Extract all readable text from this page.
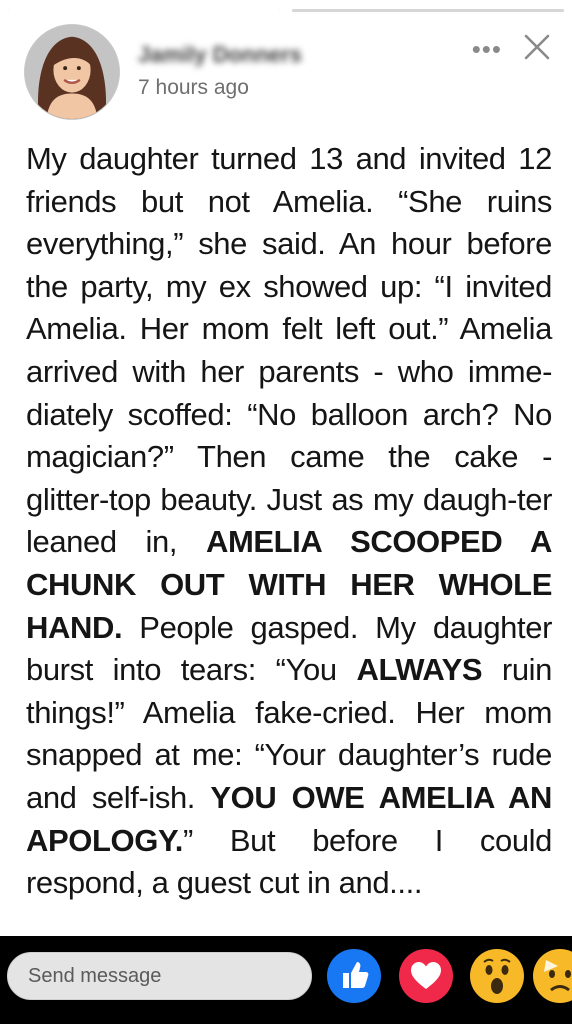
Jamily Donners
7 hours ago
•••
My daughter turned 13 and invited 12 friends but not Amelia. “She ruins everything,” she said. An hour before the party, my ex showed up: “I invited Amelia. Her mom felt left out.” Amelia arrived with her parents - who imme-diately scoffed: “No balloon arch? No magician?” Then came the cake -glitter-top beauty. Just as my daugh-ter leaned in, AMELIA SCOOPED A CHUNK OUT WITH HER WHOLE HAND. People gasped. My daughter burst into tears: “You ALWAYS ruin things!” Amelia fake-cried. Her mom snapped at me: “Your daughter’s rude and self-ish. YOU OWE AMELIA AN APOLOGY.” But before I could respond, a guest cut in and....
Send message
